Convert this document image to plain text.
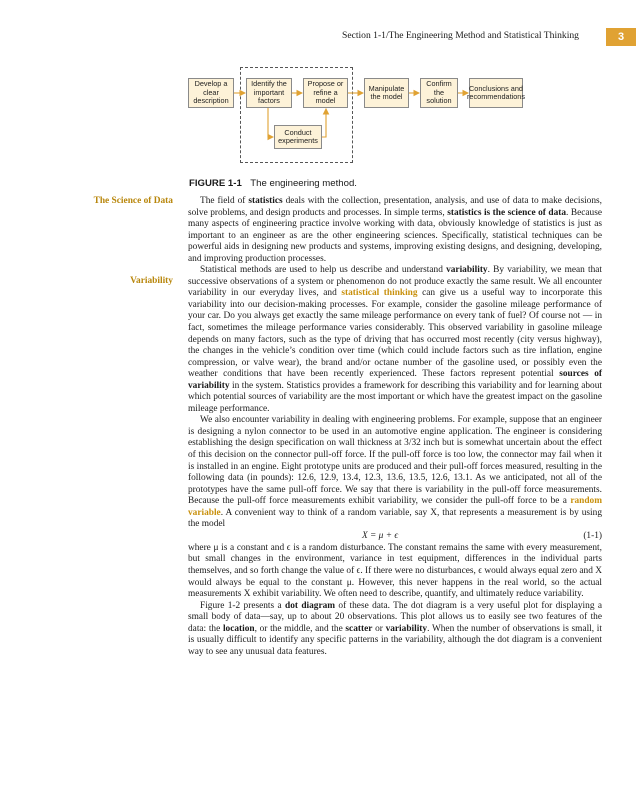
Section 1-1/The Engineering Method and Statistical Thinking	3
Develop a clear description
Identify the important factors
Propose or refine a model
Manipulate the model
Confirm the solution
Conclusions and recommendations
Conduct experiments
FIGURE 1-1 The engineering method.
The Science of Data
Variability

The field of statistics deals with the collection, presentation, analysis, and use of data to make decisions, solve problems, and design products and processes. In simple terms, statistics is the science of data. Because many aspects of engineering practice involve working with data, obviously knowledge of statistics is just as important to an engineer as are the other engineering sciences. Specifically, statistical techniques can be powerful aids in designing new products and systems, improving existing designs, and designing, developing, and improving production processes.

Statistical methods are used to help us describe and understand variability. By variability, we mean that successive observations of a system or phenomenon do not produce exactly the same result. We all encounter variability in our everyday lives, and statistical thinking can give us a useful way to incorporate this variability into our decision-making processes. For example, consider the gasoline mileage performance of your car. Do you always get exactly the same mileage performance on every tank of fuel? Of course not — in fact, sometimes the mileage performance varies considerably. This observed variability in gasoline mileage depends on many factors, such as the type of driving that has occurred most recently (city versus highway), the changes in the vehicle’s condition over time (which could include factors such as tire inflation, engine compression, or valve wear), the brand and/or octane number of the gasoline used, or possibly even the weather conditions that have been recently experienced. These factors represent potential sources of variability in the system. Statistics provides a framework for describing this variability and for learning about which potential sources of variability are the most important or which have the greatest impact on the gasoline mileage performance.

We also encounter variability in dealing with engineering problems. For example, suppose that an engineer is designing a nylon connector to be used in an automotive engine application. The engineer is considering establishing the design specification on wall thickness at 3/32 inch but is somewhat uncertain about the effect of this decision on the connector pull-off force. If the pull-off force is too low, the connector may fail when it is installed in an engine. Eight prototype units are produced and their pull-off forces measured, resulting in the following data (in pounds): 12.6, 12.9, 13.4, 12.3, 13.6, 13.5, 12.6, 13.1. As we anticipated, not all of the prototypes have the same pull-off force. We say that there is variability in the pull-off force measurements. Because the pull-off force measurements exhibit variability, we consider the pull-off force to be a random variable. A convenient way to think of a random variable, say X, that represents a measurement is by using the model

X = μ + ϵ	(1-1)

where μ is a constant and ϵ is a random disturbance. The constant remains the same with every measurement, but small changes in the environment, variance in test equipment, differences in the individual parts themselves, and so forth change the value of ϵ. If there were no disturbances, ϵ would always equal zero and X would always be equal to the constant μ. However, this never happens in the real world, so the actual measurements X exhibit variability. We often need to describe, quantify, and ultimately reduce variability.

Figure 1-2 presents a dot diagram of these data. The dot diagram is a very useful plot for displaying a small body of data—say, up to about 20 observations. This plot allows us to easily see two features of the data: the location, or the middle, and the scatter or variability. When the number of observations is small, it is usually difficult to identify any specific patterns in the variability, although the dot diagram is a convenient way to see any unusual data features.
